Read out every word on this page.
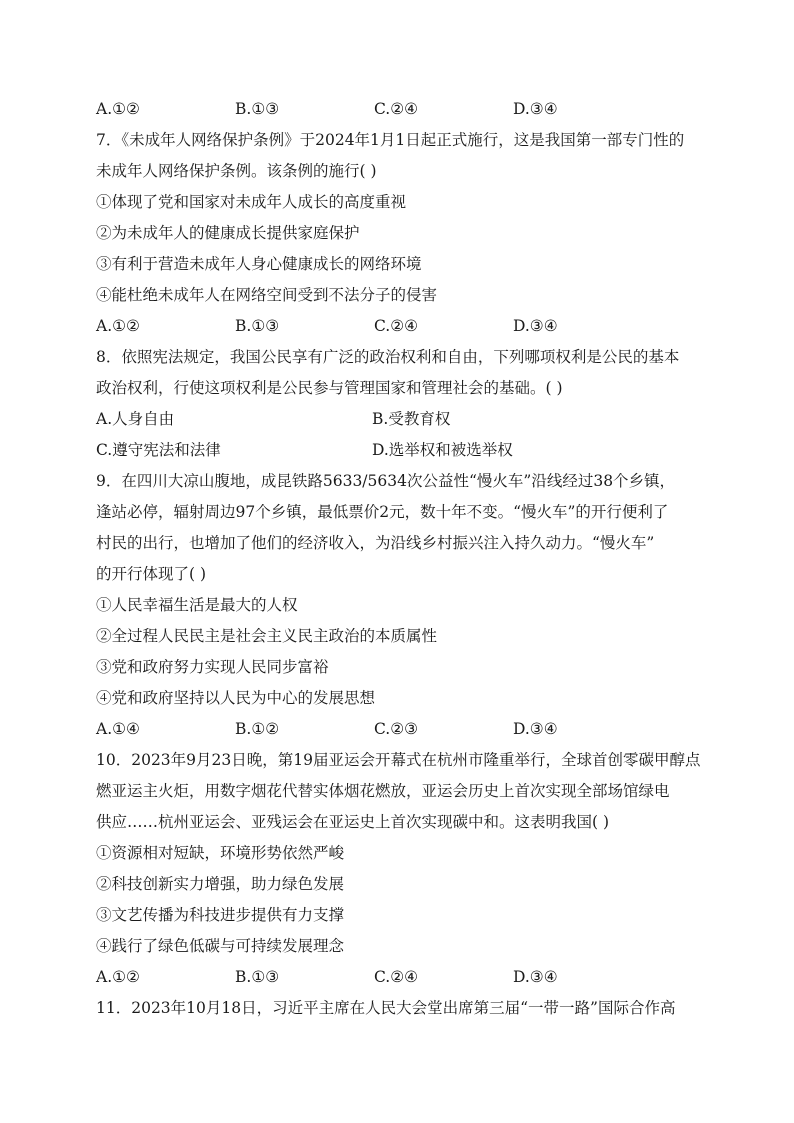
A.①②	B.①③	C.②④	D.③④
7．《未成年人网络保护条例》于2024年1月1日起正式施行，这是我国第一部专门性的
未成年人网络保护条例。该条例的施行( )
①体现了党和国家对未成年人成长的高度重视
②为未成年人的健康成长提供家庭保护
③有利于营造未成年人身心健康成长的网络环境
④能杜绝未成年人在网络空间受到不法分子的侵害
A.①②	B.①③	C.②④	D.③④
8．依照宪法规定，我国公民享有广泛的政治权利和自由，下列哪项权利是公民的基本
政治权利，行使这项权利是公民参与管理国家和管理社会的基础。( )
A.人身自由	B.受教育权
C.遵守宪法和法律	D.选举权和被选举权
9．在四川大凉山腹地，成昆铁路5633/5634次公益性“慢火车”沿线经过38个乡镇，
逢站必停，辐射周边97个乡镇，最低票价2元，数十年不变。“慢火车”的开行便利了
村民的出行，也增加了他们的经济收入，为沿线乡村振兴注入持久动力。“慢火车”
的开行体现了( )
①人民幸福生活是最大的人权
②全过程人民民主是社会主义民主政治的本质属性
③党和政府努力实现人民同步富裕
④党和政府坚持以人民为中心的发展思想
A.①④	B.①②	C.②③	D.③④
10．2023年9月23日晚，第19届亚运会开幕式在杭州市隆重举行，全球首创零碳甲醇点
燃亚运主火炬，用数字烟花代替实体烟花燃放，亚运会历史上首次实现全部场馆绿电
供应……杭州亚运会、亚残运会在亚运史上首次实现碳中和。这表明我国( )
①资源相对短缺，环境形势依然严峻
②科技创新实力增强，助力绿色发展
③文艺传播为科技进步提供有力支撑
④践行了绿色低碳与可持续发展理念
A.①②	B.①③	C.②④	D.③④
11．2023年10月18日，习近平主席在人民大会堂出席第三届“一带一路”国际合作高
